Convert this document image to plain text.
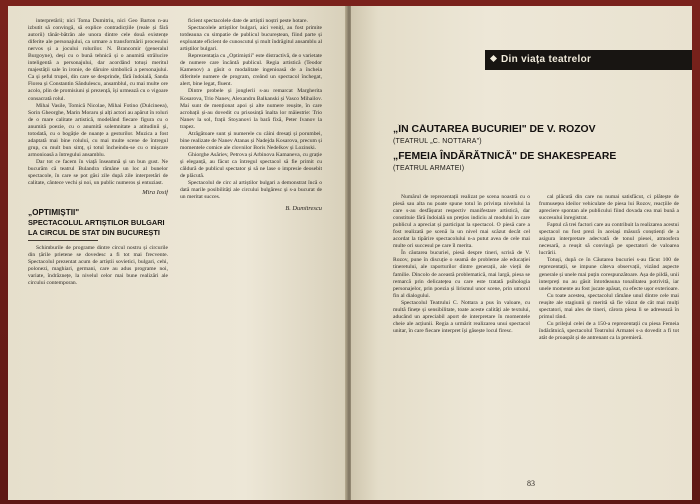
interpretării; nici Toma Dumitriu, nici Geo Barton n-au izbutit să convingă, să explice contradicțiile (reale și fără autorii) tânăr-bătrân ale unora dintre cele două existențe diferite ale personajului, ca urmare a transformării procesului nervos și a jocului rolurilor. N. Brancomir (generalul Burgoyne), deși cu o bună tehnică și o anumită strălucire inteligentă a personajului, dar acordând totuși meritul majestății sale în ironie, de dăruire simbolică a personajului. Ca și șeful trupei, din care se desprinde, fără îndoială, Sanda Florea și Constantin Săndulescu, ansamblul, cu mai multe ore acolo, plin de promisiuni și prezență, își urmează cu o vigoare consacrată rolul.

Mihai Vasile, Tomică Nicolae, Mihai Fotino (Dulcineea), Sorin Gheorghe, Marin Moraru și alți actori au apărut în roluri de o mare calitate artistică, modelând fiecare figura cu o anumită poezie, cu o anumită solemnitate a atitudinii și, totodată, cu o bogăție de nuanțe a gesturilor. Muzica a fost adaptată mai bine rolului, cu mai multe scene de întregul grup, cu mult bun simț, și totul încheindu-se cu o mișcare armonioasă a întregului ansamblu.

Dar tot ce facem în viață înseamnă și un bun gust. Ne bucurăm că teatrul Bulandra rămâne un loc al bunelor spectacole, în care se pot găsi zile după zile interpretări de calitate, cântece vechi și noi, un public numeros și entuziast.

Mira Iosif

„OPTIMIȘTII"

SPECTACOLUL ARTIȘTILOR BULGARI LA CIRCUL DE STAT DIN BUCUREȘTI

Schimburile de programe dintre circul nostru și circurile din țările prietene se dovedesc a fi tot mai frecvente. Spectacolul prezentat acum de artiștii sovietici, bulgari, cehi, polonezi, maghiari, germani, care au adus programe noi, variate, îndrăznețe, la nivelul celor mai bune realizări ale circului contemporan.

ficient spectacolele date de artiștii noștri peste hotare.

Spectacolele artiștilor bulgari, aici veniți, au fost primite totdeauna cu simpatie de publicul bucureștean, fiind parte și exploatate eficient de cunoscutul și mult îndrăgitul ansamblu al artiștilor bulgari.

Reprezentația cu „Optimiștii" este distractivă, de o varietate de numere care încântă publicul. Regia artistică (Teodor Kamenov) a găsit o modalitate ingenioasă de a încheia diferitele numere de program, creând un spectacol închegat, alert, bine legat, fluent.

Dintre probele și jonglerii s-au remarcat Margherita Kosarova, Trio Nanev, Alexandru Balkanski și Vasco Mihailov. Mai sunt de menționat apoi și alte numere reușite, în care acrobații și-au dovedit cu prisosință înalta lor măiestrie: Trio Nanev la sol, frații Stoyanovi la bară fixă, Peter Ivanov la trapez.

Atrăgătoare sunt și numerele cu câini dresați și porumbei, bine realizate de Nanev Atanas și Nadejda Kosarova, precum și momentele comice ale clovnilor Boris Nedelkov și Lozinski.

Ghiorghe Asăriev, Petrova și Arbinova Kamaneva, cu grație și eleganță, au făcut ca întregul spectacol să fie primit cu căldură de publicul spectator și să ne lase o impresie deosebit de plăcută.

Spectacolul de circ al artiștilor bulgari a demonstrat încă o dată marile posibilități ale circului bulgăresc și s-a bucurat de un meritat succes.

B. Dumitrescu
Din viața teatrelor

„ÎN CĂUTAREA BUCURIEI" DE V. ROZOV

(TEATRUL „C. NOTTARA")

„FEMEIA ÎNDĂRĂTNICĂ" DE SHAKESPEARE

(TEATRUL ARMATEI)

Numărul de reprezentații realizat pe scena noastră cu o piesă sau alta nu poate spune totul în privința nivelului la care s-au desfășurat respectiv manifestare artistică, dar constituie fără îndoială un prețios indiciu al modului în care publicul a apreciat și participat la spectacol. O piesă care a fost realizată pe scenă la un nivel mai scăzut decât cel acordat la tipărire spectacolului n-a putut avea de cele mai multe ori succesul pe care îl merita.

În căutarea bucuriei, piesă despre tineri, scrisă de V. Rozov, pune în discuție o seamă de probleme ale educației tineretului, ale raporturilor dintre generații, ale vieții de familie. Dincolo de această problematică, mai largă, piesa se remarcă prin delicatețea cu care este tratată psihologia personajelor, prin poezia și lirismul unor scene, prin umorul fin al dialogului.

Spectacolul Teatrului C. Nottara a pus în valoare, cu multă finețe și sensibilitate, toate aceste calități ale textului, aducând un apreciabil aport de interpretare în momentele cheie ale acțiunii. Regia a urmărit realizarea unui spectacol unitar, în care fiecare interpret își găsește locul firesc.

cal plăcută din care nu numai satisfăcut, ci plătește de frumusețea ideilor vehiculate de piesa lui Rozov, reacțiile de apreciere spontan ale publicului fiind dovada cea mai bună a succesului înregistrat.

Faptul că trei factori care au contribuit la realizarea acestui spectacol nu fost prezi în aceiași măsură conștienți de a asigura interpretare adecvată de tonul piesei, atmosfera necesară, a reușit să convingă pe spectatori de valoarea lucrării.

Totuși, după ce în Căutarea bucuriei s-au făcut 100 de reprezentații, se impune câteva observații, vizând aspecte generale și unele mai puțin corespunzătoare. Așa de pildă, unii interpreți nu au găsit întotdeauna tonalitatea potrivită, iar unele momente au fost jucate apăsat, cu efecte ușor exterioare.

Cu toate acestea, spectacolul rămâne unul dintre cele mai reușite ale stagiunii și merită să fie văzut de cât mai mulți spectatori, mai ales de tineri, cărora piesa li se adresează în primul rând.

Cu prilejul celei de a 150-a reprezentații cu piesa Femeia îndărătnică, spectacolul Teatrului Armatei s-a dovedit a fi tot atât de proaspăt și de antrenant ca la premieră.

83
